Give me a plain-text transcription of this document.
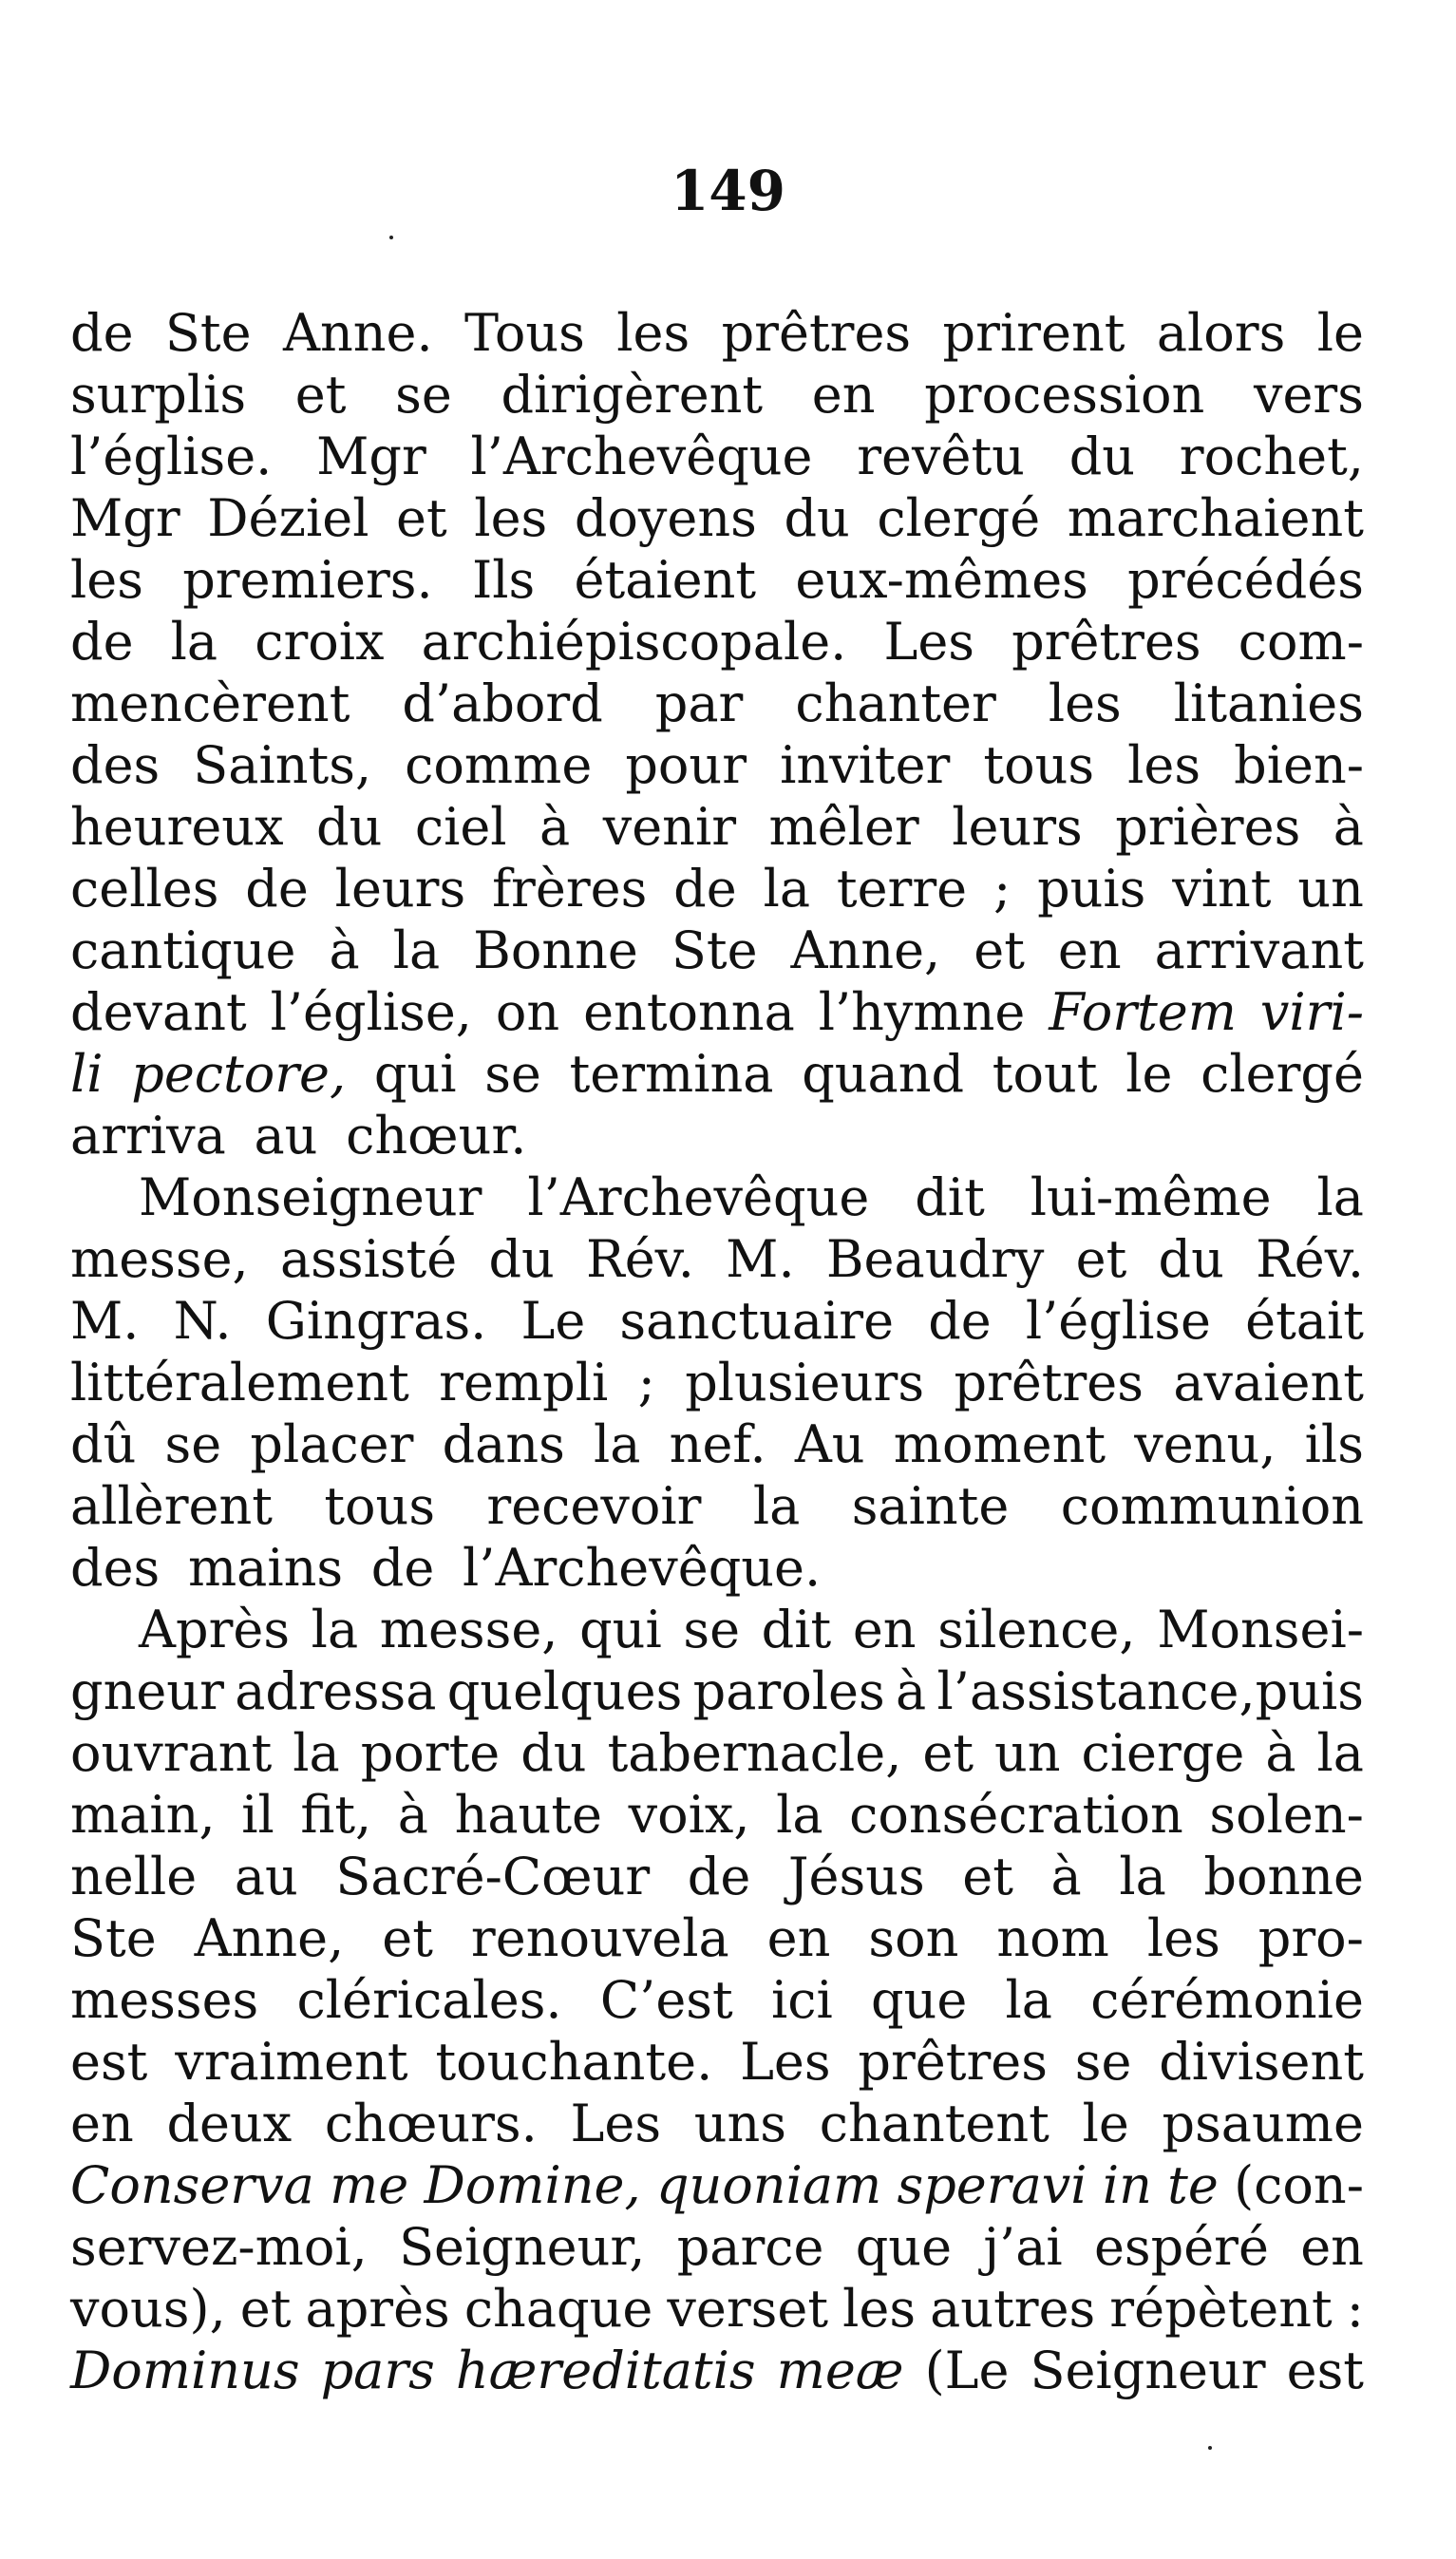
149
de Ste Anne. Tous les prêtres prirent alors le
surplis et se dirigèrent en procession vers
l’église. Mgr l’Archevêque revêtu du rochet,
Mgr Déziel et les doyens du clergé marchaient
les premiers. Ils étaient eux-mêmes précédés
de la croix archiépiscopale. Les prêtres com-
mencèrent d’abord par chanter les litanies
des Saints, comme pour inviter tous les bien-
heureux du ciel à venir mêler leurs prières à
celles de leurs frères de la terre ; puis vint un
cantique à la Bonne Ste Anne, et en arrivant
devant l’église, on entonna l’hymne Fortem viri-
li pectore, qui se termina quand tout le clergé
arriva au chœur.
Monseigneur l’Archevêque dit lui-même la
messe, assisté du Rév. M. Beaudry et du Rév.
M. N. Gingras. Le sanctuaire de l’église était
littéralement rempli ; plusieurs prêtres avaient
dû se placer dans la nef. Au moment venu, ils
allèrent tous recevoir la sainte communion
des mains de l’Archevêque.
Après la messe, qui se dit en silence, Monsei-
gneur adressa quelques paroles à l’assistance,puis
ouvrant la porte du tabernacle, et un cierge à la
main, il fit, à haute voix, la consécration solen-
nelle au Sacré-Cœur de Jésus et à la bonne
Ste Anne, et renouvela en son nom les pro-
messes cléricales. C’est ici que la cérémonie
est vraiment touchante. Les prêtres se divisent
en deux chœurs. Les uns chantent le psaume
Conserva me Domine, quoniam speravi in te (con-
servez-moi, Seigneur, parce que j’ai espéré en
vous), et après chaque verset les autres répètent :
Dominus pars hæreditatis meæ (Le Seigneur est
